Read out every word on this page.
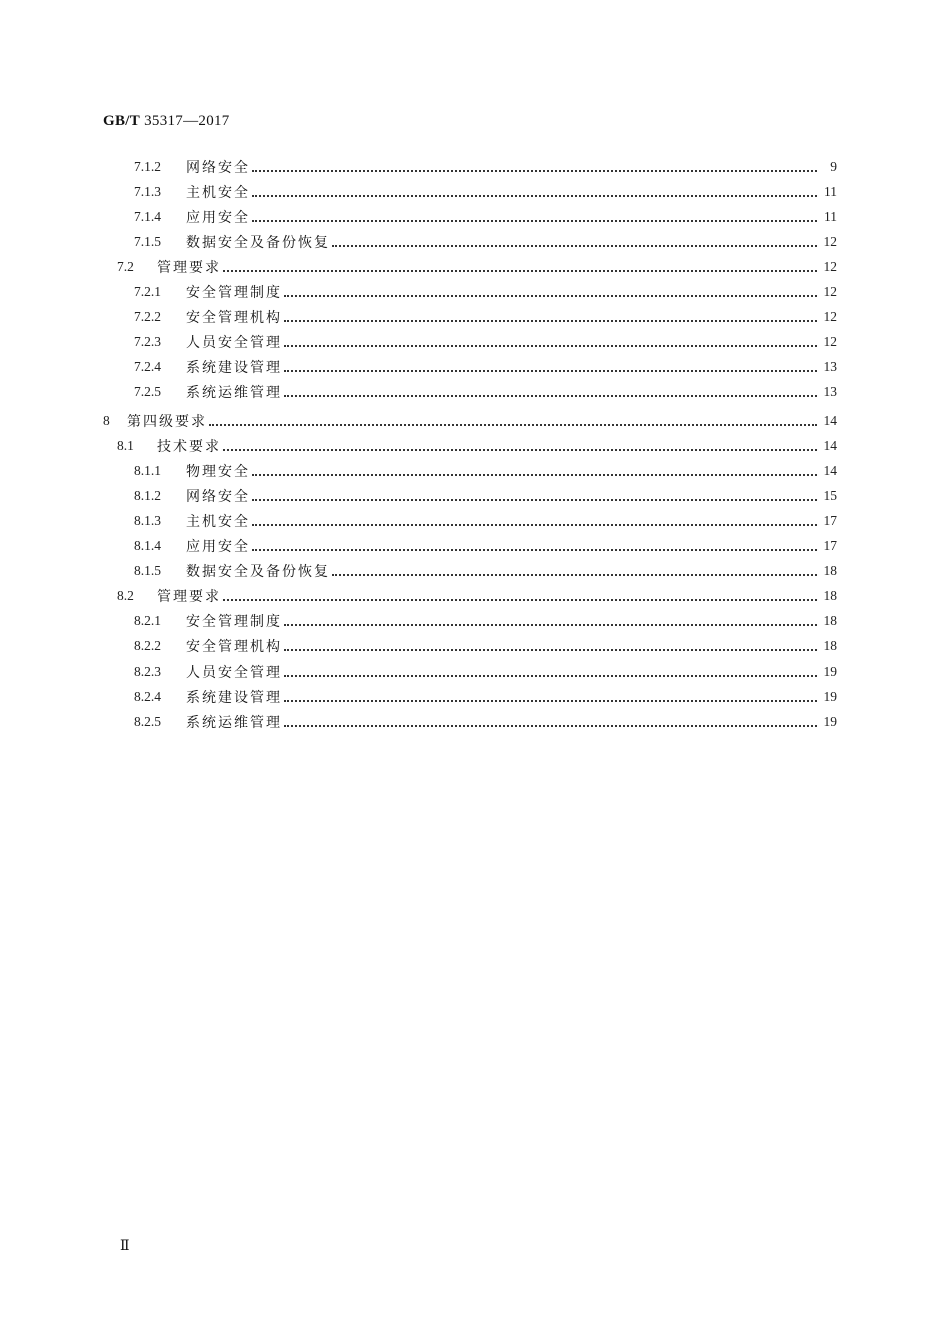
GB/T 35317—2017
7.1.2	网络安全	9
7.1.3	主机安全	11
7.1.4	应用安全	11
7.1.5	数据安全及备份恢复	12
7.2	管理要求	12
7.2.1	安全管理制度	12
7.2.2	安全管理机构	12
7.2.3	人员安全管理	12
7.2.4	系统建设管理	13
7.2.5	系统运维管理	13
8	第四级要求	14
8.1	技术要求	14
8.1.1	物理安全	14
8.1.2	网络安全	15
8.1.3	主机安全	17
8.1.4	应用安全	17
8.1.5	数据安全及备份恢复	18
8.2	管理要求	18
8.2.1	安全管理制度	18
8.2.2	安全管理机构	18
8.2.3	人员安全管理	19
8.2.4	系统建设管理	19
8.2.5	系统运维管理	19
Ⅱ
